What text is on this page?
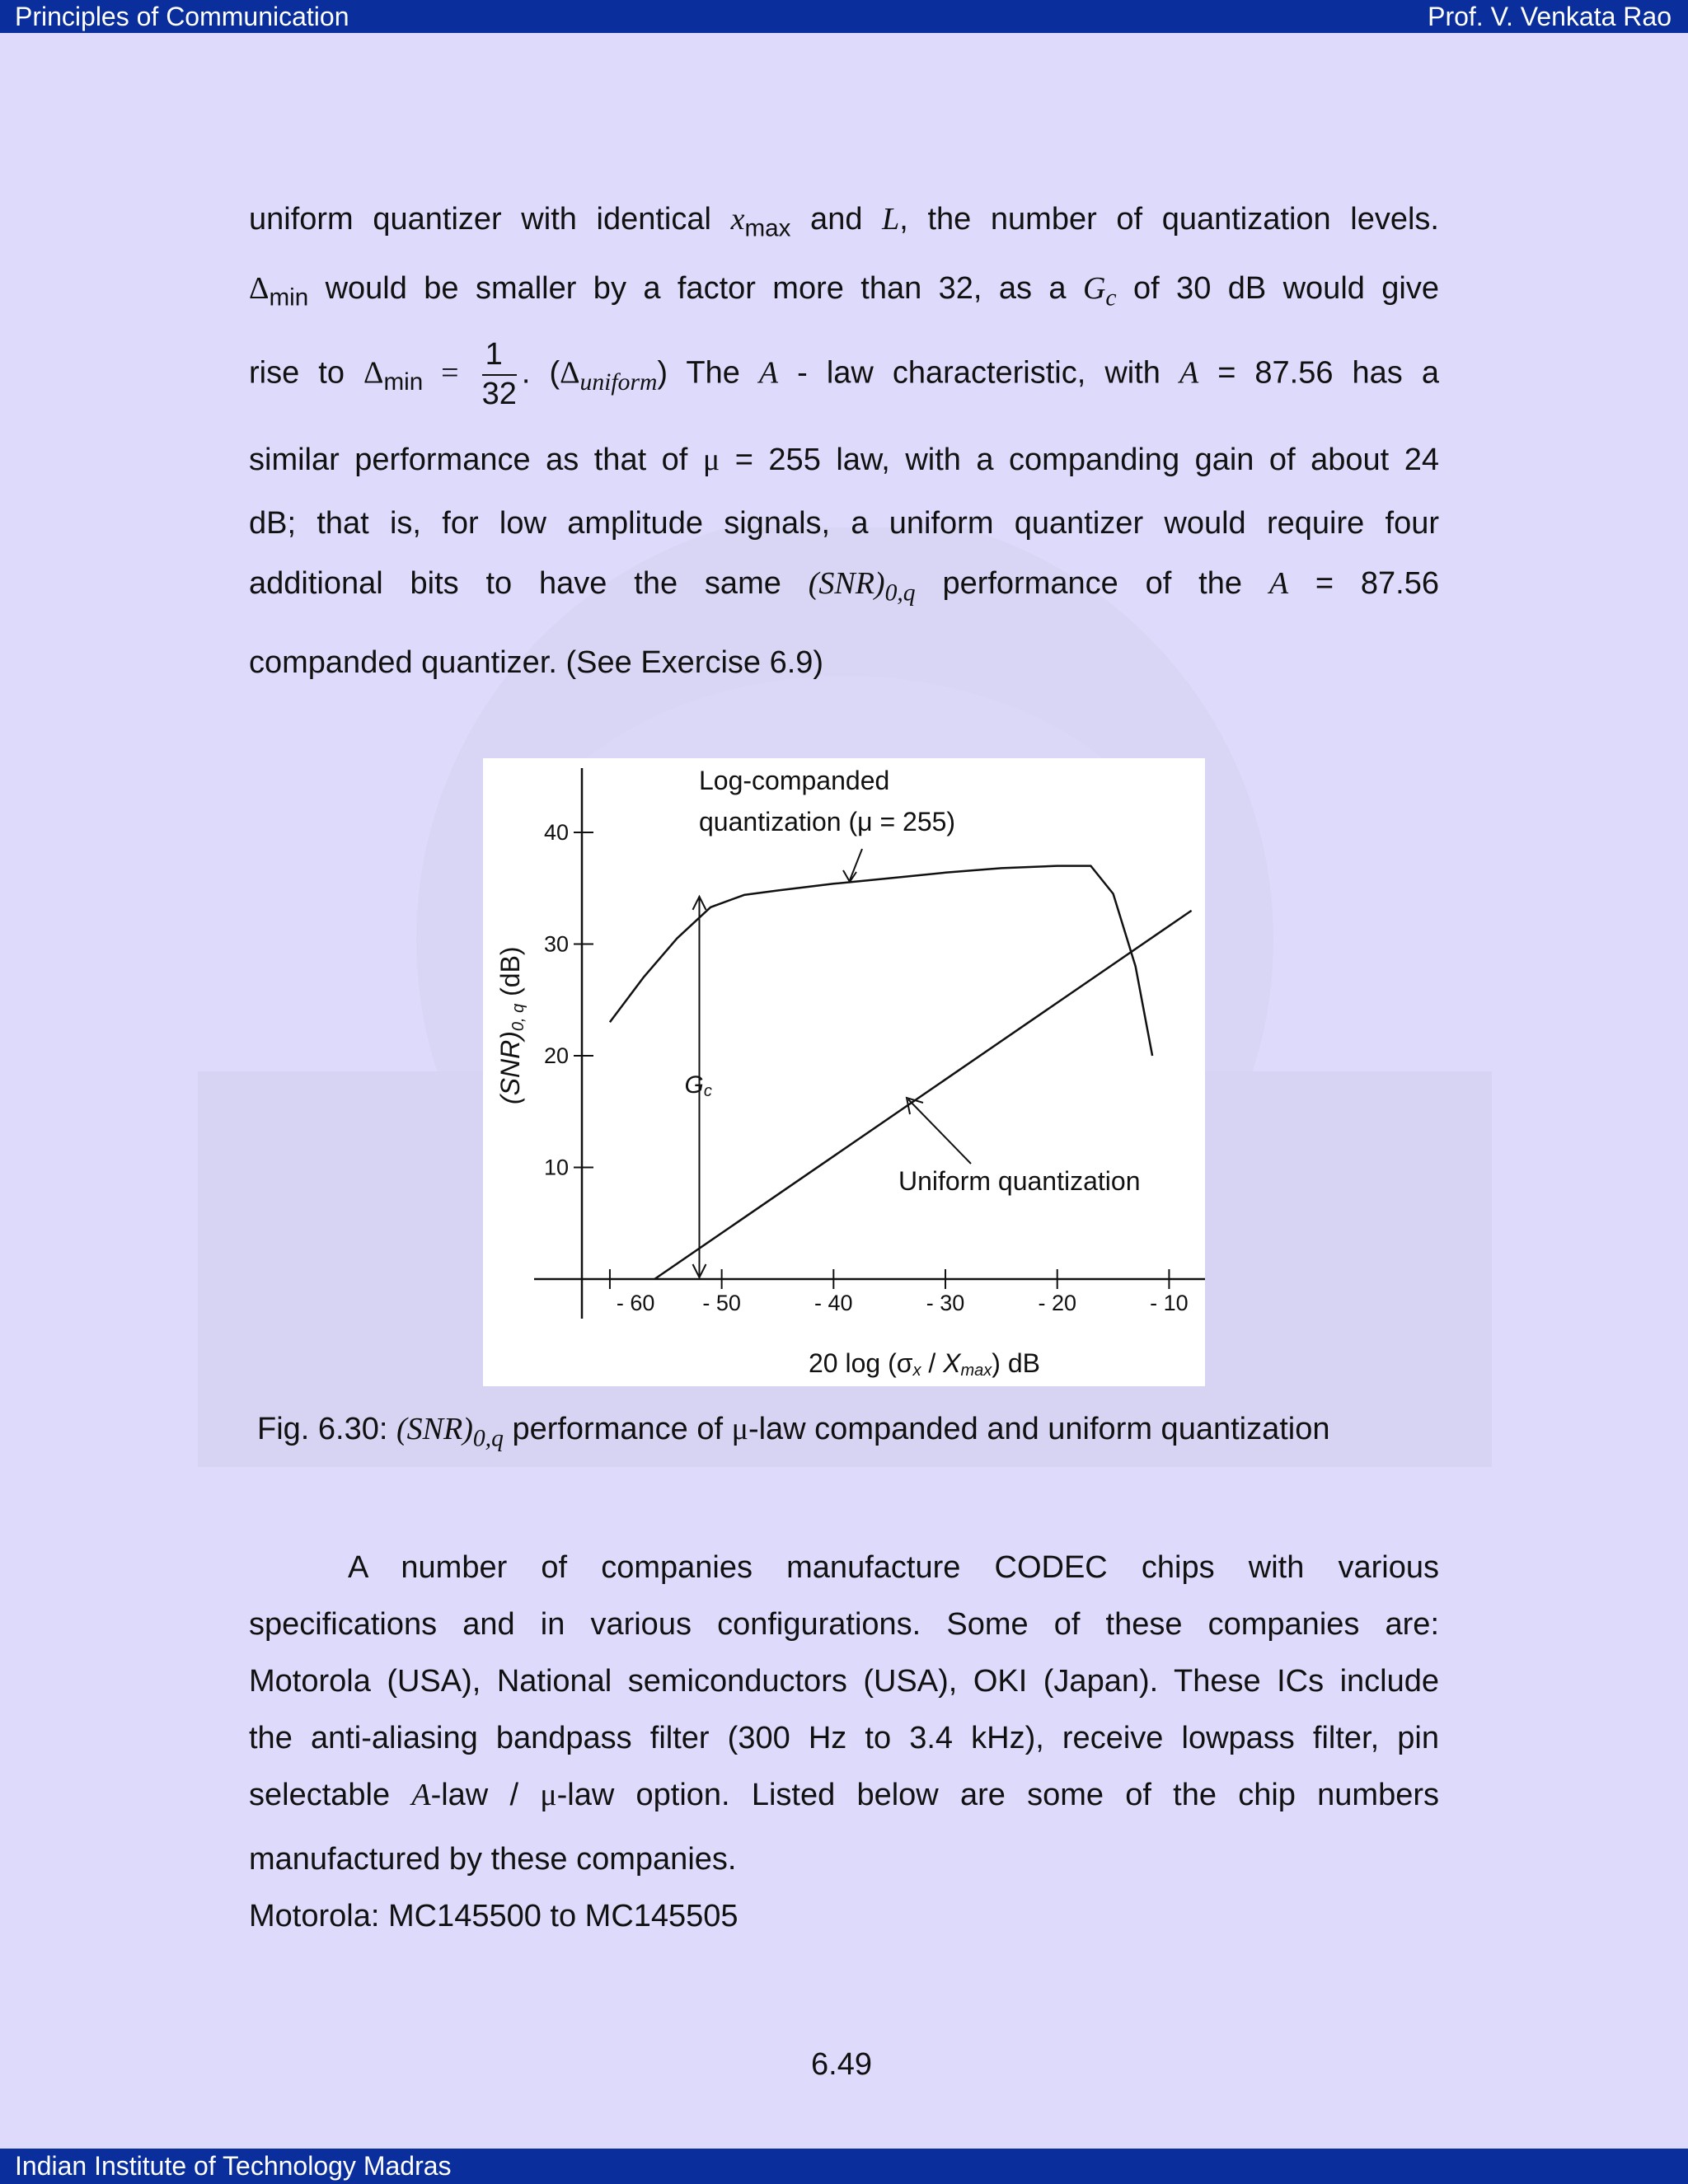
Principles of Communication	Prof. V. Venkata Rao
uniform quantizer with identical $x_{max}$ and L, the number of quantization levels.
$\Delta_{min}$ would be smaller by a factor more than 32, as a $G_c$ of 30 dB would give
rise to $\Delta_{min} = \frac{1}{32}$ . $(\Delta_{uniform})$ The A - law characteristic, with A = 87.56 has a
similar performance as that of μ = 255 law, with a companding gain of about 24
dB; that is, for low amplitude signals, a uniform quantizer would require four
additional bits to have the same $(SNR)_{0,q}$ performance of the A = 87.56
companded quantizer. (See Exercise 6.9)
10
20
30
40
- 60 - 50	- 40	- 30	- 20	- 10
Gc
Log-companded
quantization (μ = 255)
Uniform quantization
20 log (σx / Xmax) dB
(SNR)0, q (dB)
Fig. 6.30: $(SNR)_{0,q}$ performance of μ-law companded and uniform quantization
A number of companies manufacture CODEC chips with various
specifications and in various configurations. Some of these companies are:
Motorola (USA), National semiconductors (USA), OKI (Japan). These ICs include
the anti-aliasing bandpass filter (300 Hz to 3.4 kHz), receive lowpass filter, pin
selectable A-law / μ-law option. Listed below are some of the chip numbers
manufactured by these companies.
Motorola: MC145500 to MC145505
6.49
Indian Institute of Technology Madras
